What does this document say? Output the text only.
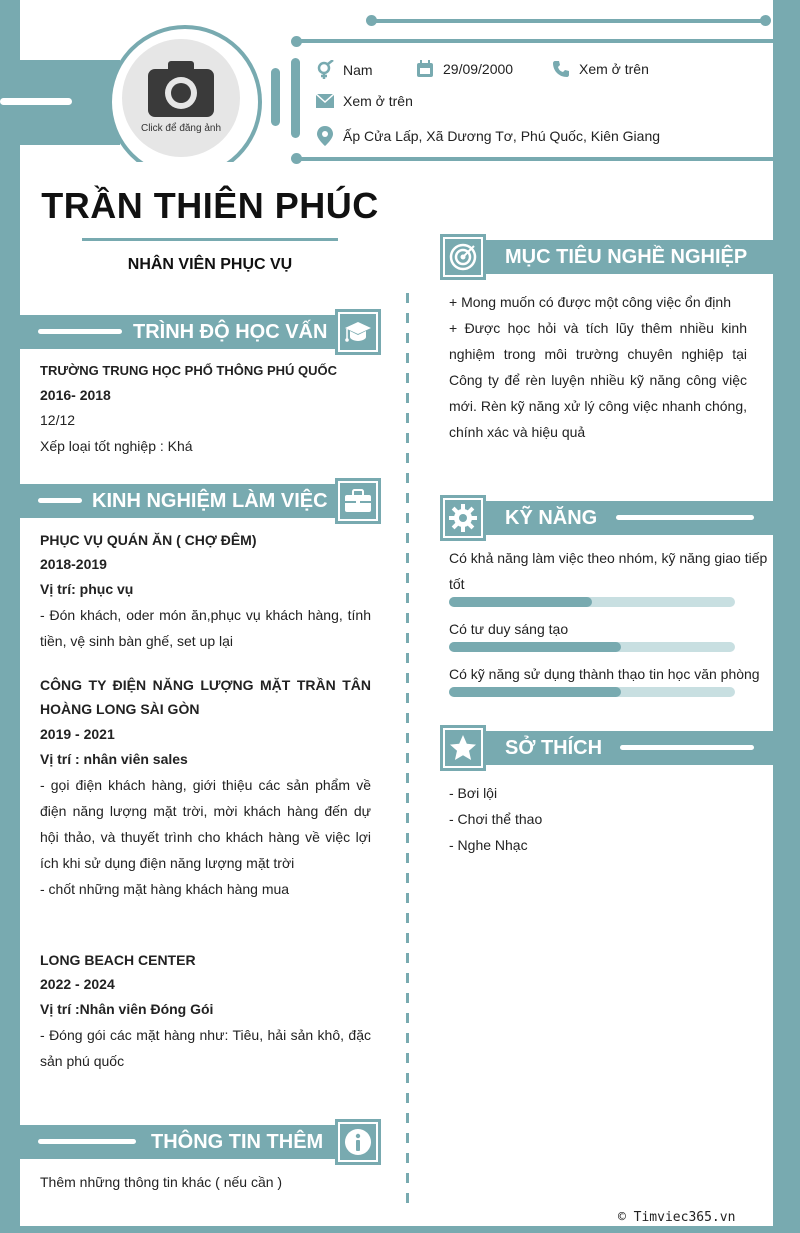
Click để đăng ảnh
Nam	29/09/2000	Xem ở trên
Xem ở trên
Ấp Cửa Lấp, Xã Dương Tơ, Phú Quốc, Kiên Giang
TRẦN THIÊN PHÚC
NHÂN VIÊN PHỤC VỤ
TRÌNH ĐỘ HỌC VẤN
TRƯỜNG TRUNG HỌC PHỔ THÔNG PHÚ QUỐC
2016- 2018
12/12
Xếp loại tốt nghiệp : Khá
KINH NGHIỆM LÀM VIỆC
PHỤC VỤ QUÁN ĂN ( CHỢ ĐÊM)
2018-2019
Vị trí: phục vụ
- Đón khách, oder món ăn,phục vụ khách hàng, tính tiền, vệ sinh bàn ghế, set up lại
CÔNG TY ĐIỆN NĂNG LƯỢNG MẶT TRẦN TÂN HOÀNG LONG SÀI GÒN
2019 - 2021
Vị trí : nhân viên sales
- gọi điện khách hàng, giới thiệu các sản phẩm về điện năng lượng mặt trời, mời khách hàng đến dự hội thảo, và thuyết trình cho khách hàng về việc lợi ích khi sử dụng điện năng lượng mặt trời
- chốt những mặt hàng khách hàng mua
LONG BEACH CENTER
2022 - 2024
Vị trí :Nhân viên Đóng Gói
- Đóng gói các mặt hàng như: Tiêu, hải sản khô, đặc sản phú quốc
THÔNG TIN THÊM
Thêm những thông tin khác ( nếu cần )
MỤC TIÊU NGHỀ NGHIỆP
+ Mong muốn có được một công việc ổn định
+ Được học hỏi và tích lũy thêm nhiều kinh nghiệm trong môi trường chuyên nghiệp tại Công ty để rèn luyện nhiều kỹ năng công việc mới. Rèn kỹ năng xử lý công việc nhanh chóng, chính xác và hiệu quả
KỸ NĂNG
Có khả năng làm việc theo nhóm, kỹ năng giao tiếp tốt
Có tư duy sáng tạo
Có kỹ năng sử dụng thành thạo tin học văn phòng
SỞ THÍCH
- Bơi lội
- Chơi thể thao
- Nghe Nhạc
© Timviec365.vn
